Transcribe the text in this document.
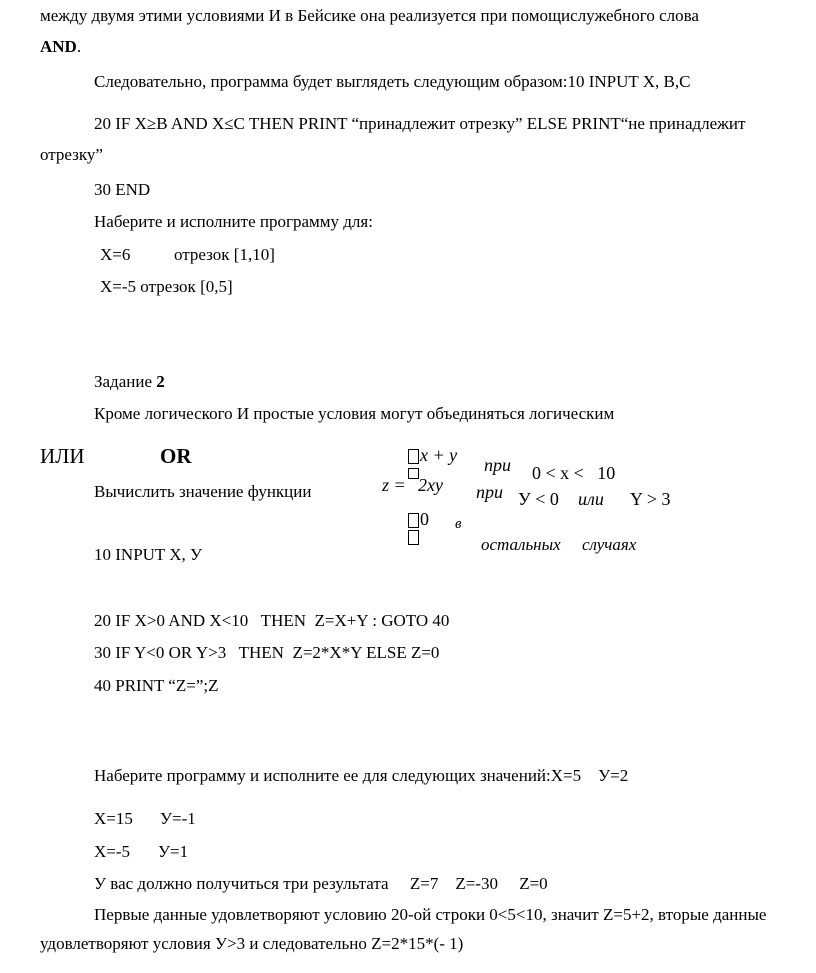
между двумя этими условиями И в Бейсике она реализуется при помощислужебного слова
AND.
Следовательно, программа будет выглядеть следующим образом:10 INPUT X, B,C
20 IF X≥B AND X≤C THEN PRINT “принадлежит отрезку” ELSE PRINT“не принадлежит
отрезку”
30 END
Наберите и исполните программу для:
X=6	отрезок [1,10]
X=-5 отрезок [0,5]
Задание 2
Кроме логического И простые условия могут объединяться логическим
ИЛИ	OR
Вычислить значение функции
x + y
z = 2xy
0
при
при
0 < x <   10
У < 0 или Y > 3
в
остальных случаях
10 INPUT X, У
20 IF X>0 AND X<10   THEN  Z=X+Y : GOTO 40
30 IF Y<0 OR Y>3   THEN  Z=2*X*Y ELSE Z=0
40 PRINT “Z=”;Z
Наберите программу и исполните ее для следующих значений:X=5    У=2
X=15 У=-1
X=-5 У=1
У вас должно получиться три результата     Z=7    Z=-30     Z=0
Первые данные удовлетворяют условию 20-ой строки 0<5<10, значит Z=5+2, вторые данные
удовлетворяют условия У>3 и следовательно Z=2*15*(- 1)
